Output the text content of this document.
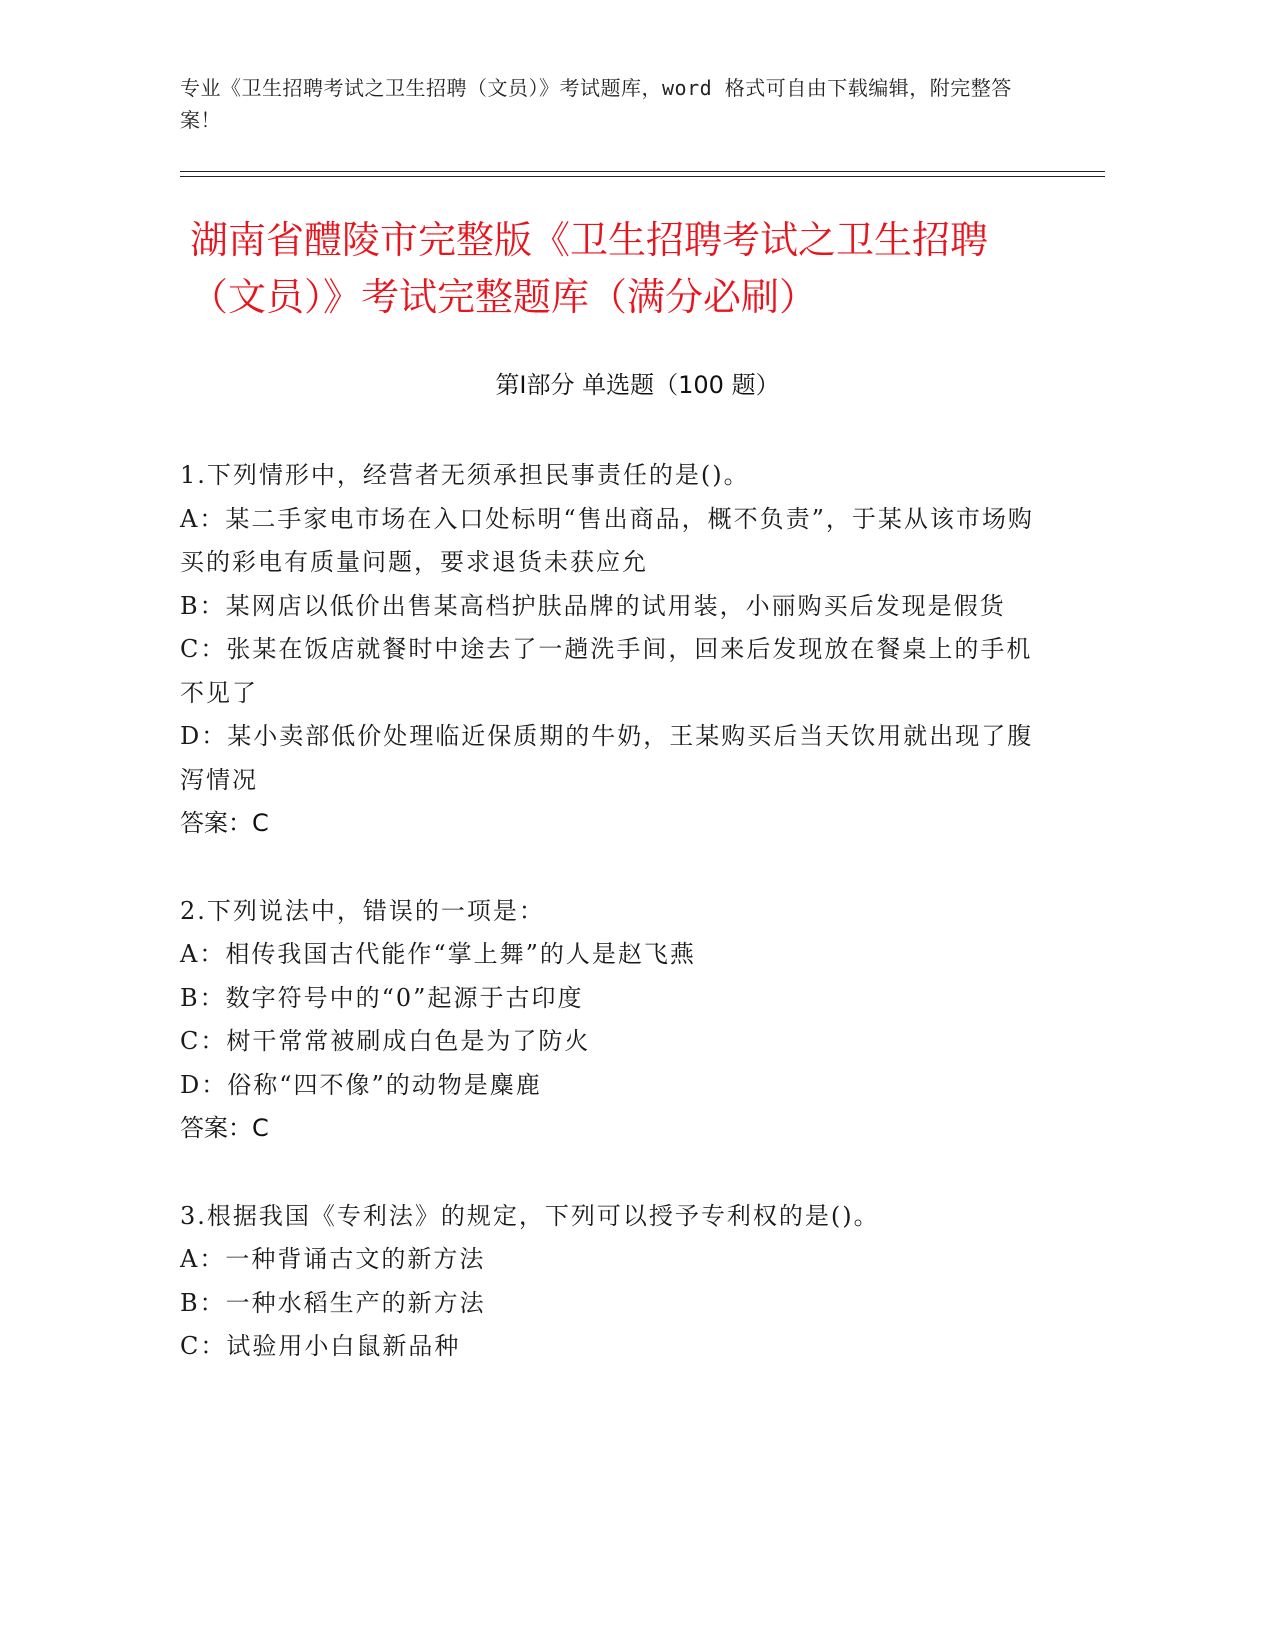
专业《卫生招聘考试之卫生招聘（文员）》考试题库，word 格式可自由下载编辑，附完整答案！
湖南省醴陵市完整版《卫生招聘考试之卫生招聘（文员）》考试完整题库（满分必刷）
第Ⅰ部分 单选题（100 题）
1.下列情形中，经营者无须承担民事责任的是()。
A：某二手家电市场在入口处标明“售出商品，概不负责”，于某从该市场购买的彩电有质量问题，要求退货未获应允
B：某网店以低价出售某高档护肤品牌的试用装，小丽购买后发现是假货
C：张某在饭店就餐时中途去了一趟洗手间，回来后发现放在餐桌上的手机不见了
D：某小卖部低价处理临近保质期的牛奶，王某购买后当天饮用就出现了腹泻情况
答案：C
2.下列说法中，错误的一项是：
A：相传我国古代能作“掌上舞”的人是赵飞燕
B：数字符号中的“0”起源于古印度
C：树干常常被刷成白色是为了防火
D：俗称“四不像”的动物是麋鹿
答案：C
3.根据我国《专利法》的规定，下列可以授予专利权的是()。
A：一种背诵古文的新方法
B：一种水稻生产的新方法
C：试验用小白鼠新品种
